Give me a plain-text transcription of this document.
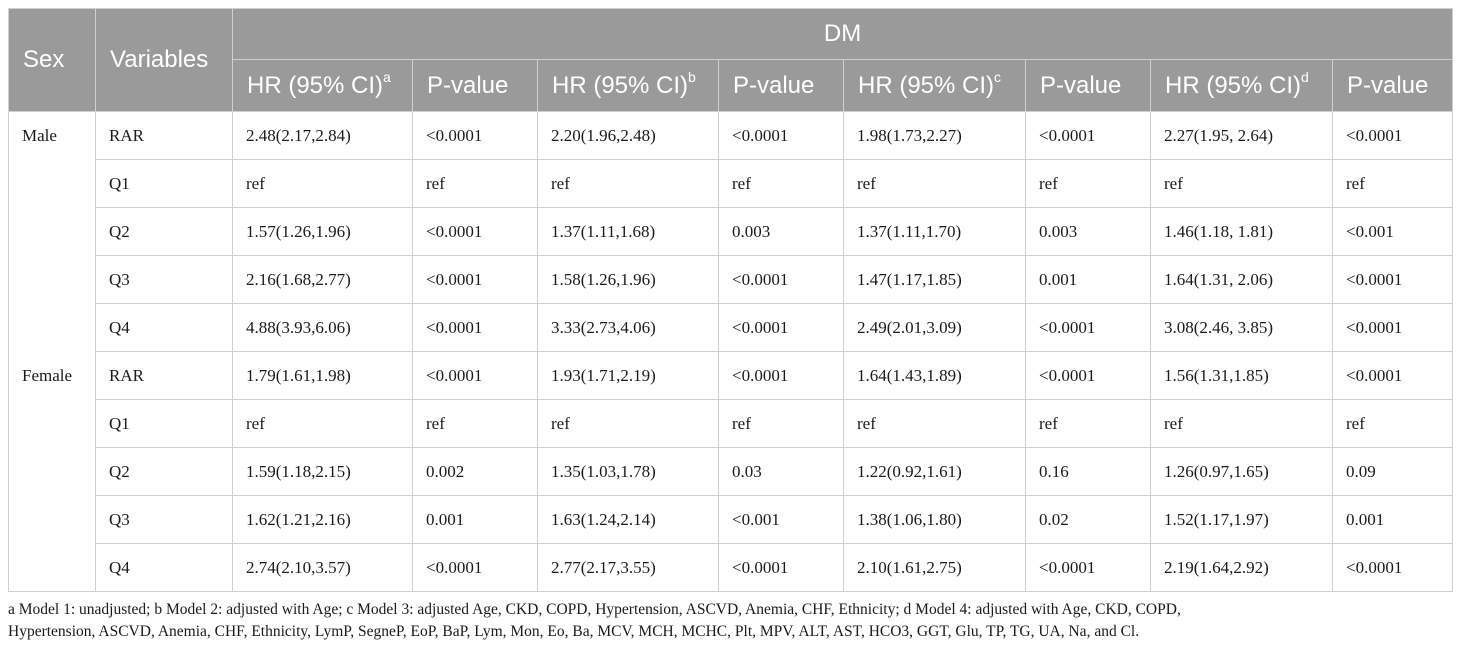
Sex	Variables	DM							
		HR (95% CI)$^a$	P-value	HR (95% CI)$^b$	P-value	HR (95% CI)$^c$	P-value	HR (95% CI)$^d$	P-value
Male	RAR	2.48(2.17,2.84)	<0.0001	2.20(1.96,2.48)	<0.0001	1.98(1.73,2.27)	<0.0001	2.27(1.95, 2.64)	<0.0001
	Q1	ref	ref	ref	ref	ref	ref	ref	ref
	Q2	1.57(1.26,1.96)	<0.0001	1.37(1.11,1.68)	0.003	1.37(1.11,1.70)	0.003	1.46(1.18, 1.81)	<0.001
	Q3	2.16(1.68,2.77)	<0.0001	1.58(1.26,1.96)	<0.0001	1.47(1.17,1.85)	0.001	1.64(1.31, 2.06)	<0.0001
	Q4	4.88(3.93,6.06)	<0.0001	3.33(2.73,4.06)	<0.0001	2.49(2.01,3.09)	<0.0001	3.08(2.46, 3.85)	<0.0001
Female	RAR	1.79(1.61,1.98)	<0.0001	1.93(1.71,2.19)	<0.0001	1.64(1.43,1.89)	<0.0001	1.56(1.31,1.85)	<0.0001
	Q1	ref	ref	ref	ref	ref	ref	ref	ref
	Q2	1.59(1.18,2.15)	0.002	1.35(1.03,1.78)	0.03	1.22(0.92,1.61)	0.16	1.26(0.97,1.65)	0.09
	Q3	1.62(1.21,2.16)	0.001	1.63(1.24,2.14)	<0.001	1.38(1.06,1.80)	0.02	1.52(1.17,1.97)	0.001
	Q4	2.74(2.10,3.57)	<0.0001	2.77(2.17,3.55)	<0.0001	2.10(1.61,2.75)	<0.0001	2.19(1.64,2.92)	<0.0001
a Model 1: unadjusted; b Model 2: adjusted with Age; c Model 3: adjusted Age, CKD, COPD, Hypertension, ASCVD, Anemia, CHF, Ethnicity; d Model 4: adjusted with Age, CKD, COPD,
Hypertension, ASCVD, Anemia, CHF, Ethnicity, LymP, SegneP, EoP, BaP, Lym, Mon, Eo, Ba, MCV, MCH, MCHC, Plt, MPV, ALT, AST, HCO3, GGT, Glu, TP, TG, UA, Na, and Cl.
